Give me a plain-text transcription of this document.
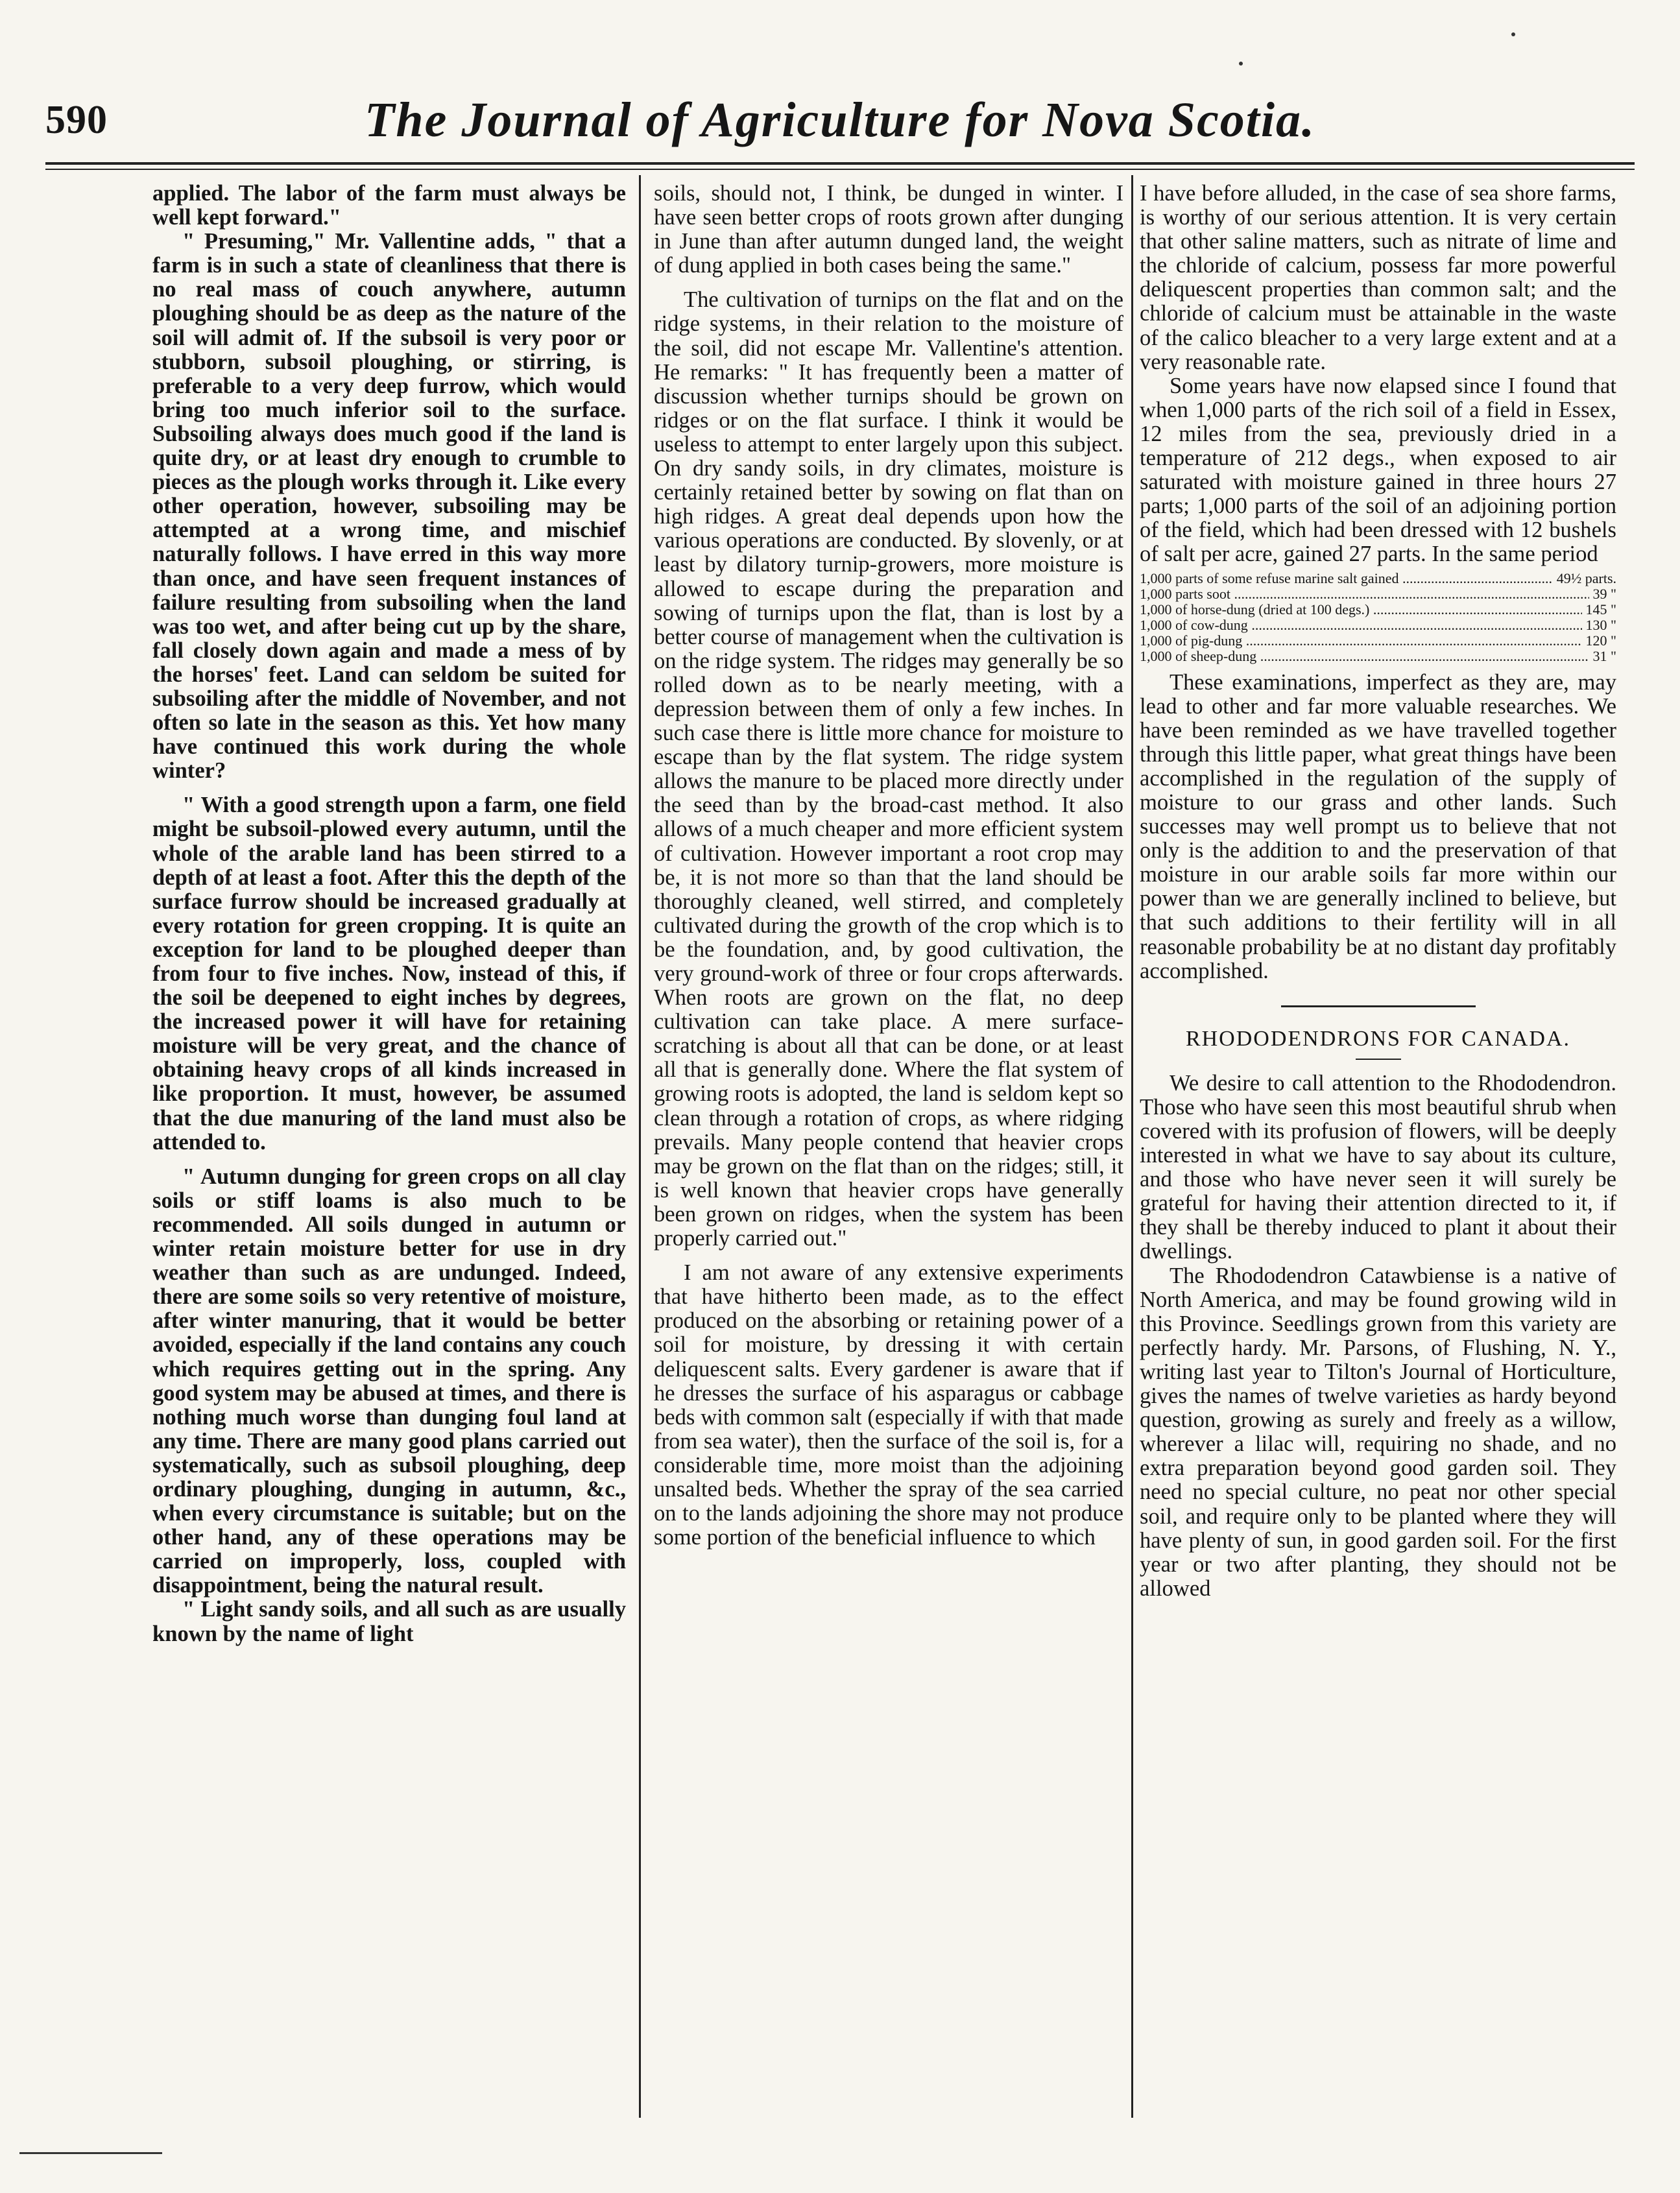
590	The Journal of Agriculture for Nova Scotia.

applied. The labor of the farm must always be well kept forward."

" Presuming," Mr. Vallentine adds, " that a farm is in such a state of cleanliness that there is no real mass of couch anywhere, autumn ploughing should be as deep as the nature of the soil will admit of. If the subsoil is very poor or stubborn, subsoil ploughing, or stirring, is preferable to a very deep furrow, which would bring too much inferior soil to the surface. Subsoiling always does much good if the land is quite dry, or at least dry enough to crumble to pieces as the plough works through it. Like every other operation, however, subsoiling may be attempted at a wrong time, and mischief naturally follows. I have erred in this way more than once, and have seen frequent instances of failure resulting from subsoiling when the land was too wet, and after being cut up by the share, fall closely down again and made a mess of by the horses' feet. Land can seldom be suited for subsoiling after the middle of November, and not often so late in the season as this. Yet how many have continued this work during the whole winter?

" With a good strength upon a farm, one field might be subsoil-plowed every autumn, until the whole of the arable land has been stirred to a depth of at least a foot. After this the depth of the surface furrow should be increased gradually at every rotation for green cropping. It is quite an exception for land to be ploughed deeper than from four to five inches. Now, instead of this, if the soil be deepened to eight inches by degrees, the increased power it will have for retaining moisture will be very great, and the chance of obtaining heavy crops of all kinds increased in like proportion. It must, however, be assumed that the due manuring of the land must also be attended to.

" Autumn dunging for green crops on all clay soils or stiff loams is also much to be recommended. All soils dunged in autumn or winter retain moisture better for use in dry weather than such as are undunged. Indeed, there are some soils so very retentive of moisture, after winter manuring, that it would be better avoided, especially if the land contains any couch which requires getting out in the spring. Any good system may be abused at times, and there is nothing much worse than dunging foul land at any time. There are many good plans carried out systematically, such as subsoil ploughing, deep ordinary ploughing, dunging in autumn, &c., when every circumstance is suitable; but on the other hand, any of these operations may be carried on improperly, loss, coupled with disappointment, being the natural result.

" Light sandy soils, and all such as are usually known by the name of light

soils, should not, I think, be dunged in winter. I have seen better crops of roots grown after dunging in June than after autumn dunged land, the weight of dung applied in both cases being the same."

The cultivation of turnips on the flat and on the ridge systems, in their relation to the moisture of the soil, did not escape Mr. Vallentine's attention. He remarks: " It has frequently been a matter of discussion whether turnips should be grown on ridges or on the flat surface. I think it would be useless to attempt to enter largely upon this subject. On dry sandy soils, in dry climates, moisture is certainly retained better by sowing on flat than on high ridges. A great deal depends upon how the various operations are conducted. By slovenly, or at least by dilatory turnip-growers, more moisture is allowed to escape during the preparation and sowing of turnips upon the flat, than is lost by a better course of management when the cultivation is on the ridge system. The ridges may generally be so rolled down as to be nearly meeting, with a depression between them of only a few inches. In such case there is little more chance for moisture to escape than by the flat system. The ridge system allows the manure to be placed more directly under the seed than by the broad-cast method. It also allows of a much cheaper and more efficient system of cultivation. However important a root crop may be, it is not more so than that the land should be thoroughly cleaned, well stirred, and completely cultivated during the growth of the crop which is to be the foundation, and, by good cultivation, the very ground-work of three or four crops afterwards. When roots are grown on the flat, no deep cultivation can take place. A mere surface-scratching is about all that can be done, or at least all that is generally done. Where the flat system of growing roots is adopted, the land is seldom kept so clean through a rotation of crops, as where ridging prevails. Many people contend that heavier crops may be grown on the flat than on the ridges; still, it is well known that heavier crops have generally been grown on ridges, when the system has been properly carried out."

I am not aware of any extensive experiments that have hitherto been made, as to the effect produced on the absorbing or retaining power of a soil for moisture, by dressing it with certain deliquescent salts. Every gardener is aware that if he dresses the surface of his asparagus or cabbage beds with common salt (especially if with that made from sea water), then the surface of the soil is, for a considerable time, more moist than the adjoining unsalted beds. Whether the spray of the sea carried on to the lands adjoining the shore may not produce some portion of the beneficial influence to which

I have before alluded, in the case of sea shore farms, is worthy of our serious attention. It is very certain that other saline matters, such as nitrate of lime and the chloride of calcium, possess far more powerful deliquescent properties than common salt; and the chloride of calcium must be attainable in the waste of the calico bleacher to a very large extent and at a very reasonable rate.

Some years have now elapsed since I found that when 1,000 parts of the rich soil of a field in Essex, 12 miles from the sea, previously dried in a temperature of 212 degs., when exposed to air saturated with moisture gained in three hours 27 parts; 1,000 parts of the soil of an adjoining portion of the field, which had been dressed with 12 bushels of salt per acre, gained 27 parts. In the same period

1,000 parts of some refuse marine salt gained .....	49½ parts.
1,000 parts soot .....	39 "
1,000 of horse-dung (dried at 100 degs.) .....	145 "
1,000 of cow-dung .....	130 "
1,000 of pig-dung .....	120 "
1,000 of sheep-dung .....	31 "

These examinations, imperfect as they are, may lead to other and far more valuable researches. We have been reminded as we have travelled together through this little paper, what great things have been accomplished in the regulation of the supply of moisture to our grass and other lands. Such successes may well prompt us to believe that not only is the addition to and the preservation of that moisture in our arable soils far more within our power than we are generally inclined to believe, but that such additions to their fertility will in all reasonable probability be at no distant day profitably accomplished.

RHODODENDRONS FOR CANADA.

We desire to call attention to the Rhododendron. Those who have seen this most beautiful shrub when covered with its profusion of flowers, will be deeply interested in what we have to say about its culture, and those who have never seen it will surely be grateful for having their attention directed to it, if they shall be thereby induced to plant it about their dwellings.

The Rhododendron Catawbiense is a native of North America, and may be found growing wild in this Province. Seedlings grown from this variety are perfectly hardy. Mr. Parsons, of Flushing, N. Y., writing last year to Tilton's Journal of Horticulture, gives the names of twelve varieties as hardy beyond question, growing as surely and freely as a willow, wherever a lilac will, requiring no shade, and no extra preparation beyond good garden soil. They need no special culture, no peat nor other special soil, and require only to be planted where they will have plenty of sun, in good garden soil. For the first year or two after planting, they should not be allowed
